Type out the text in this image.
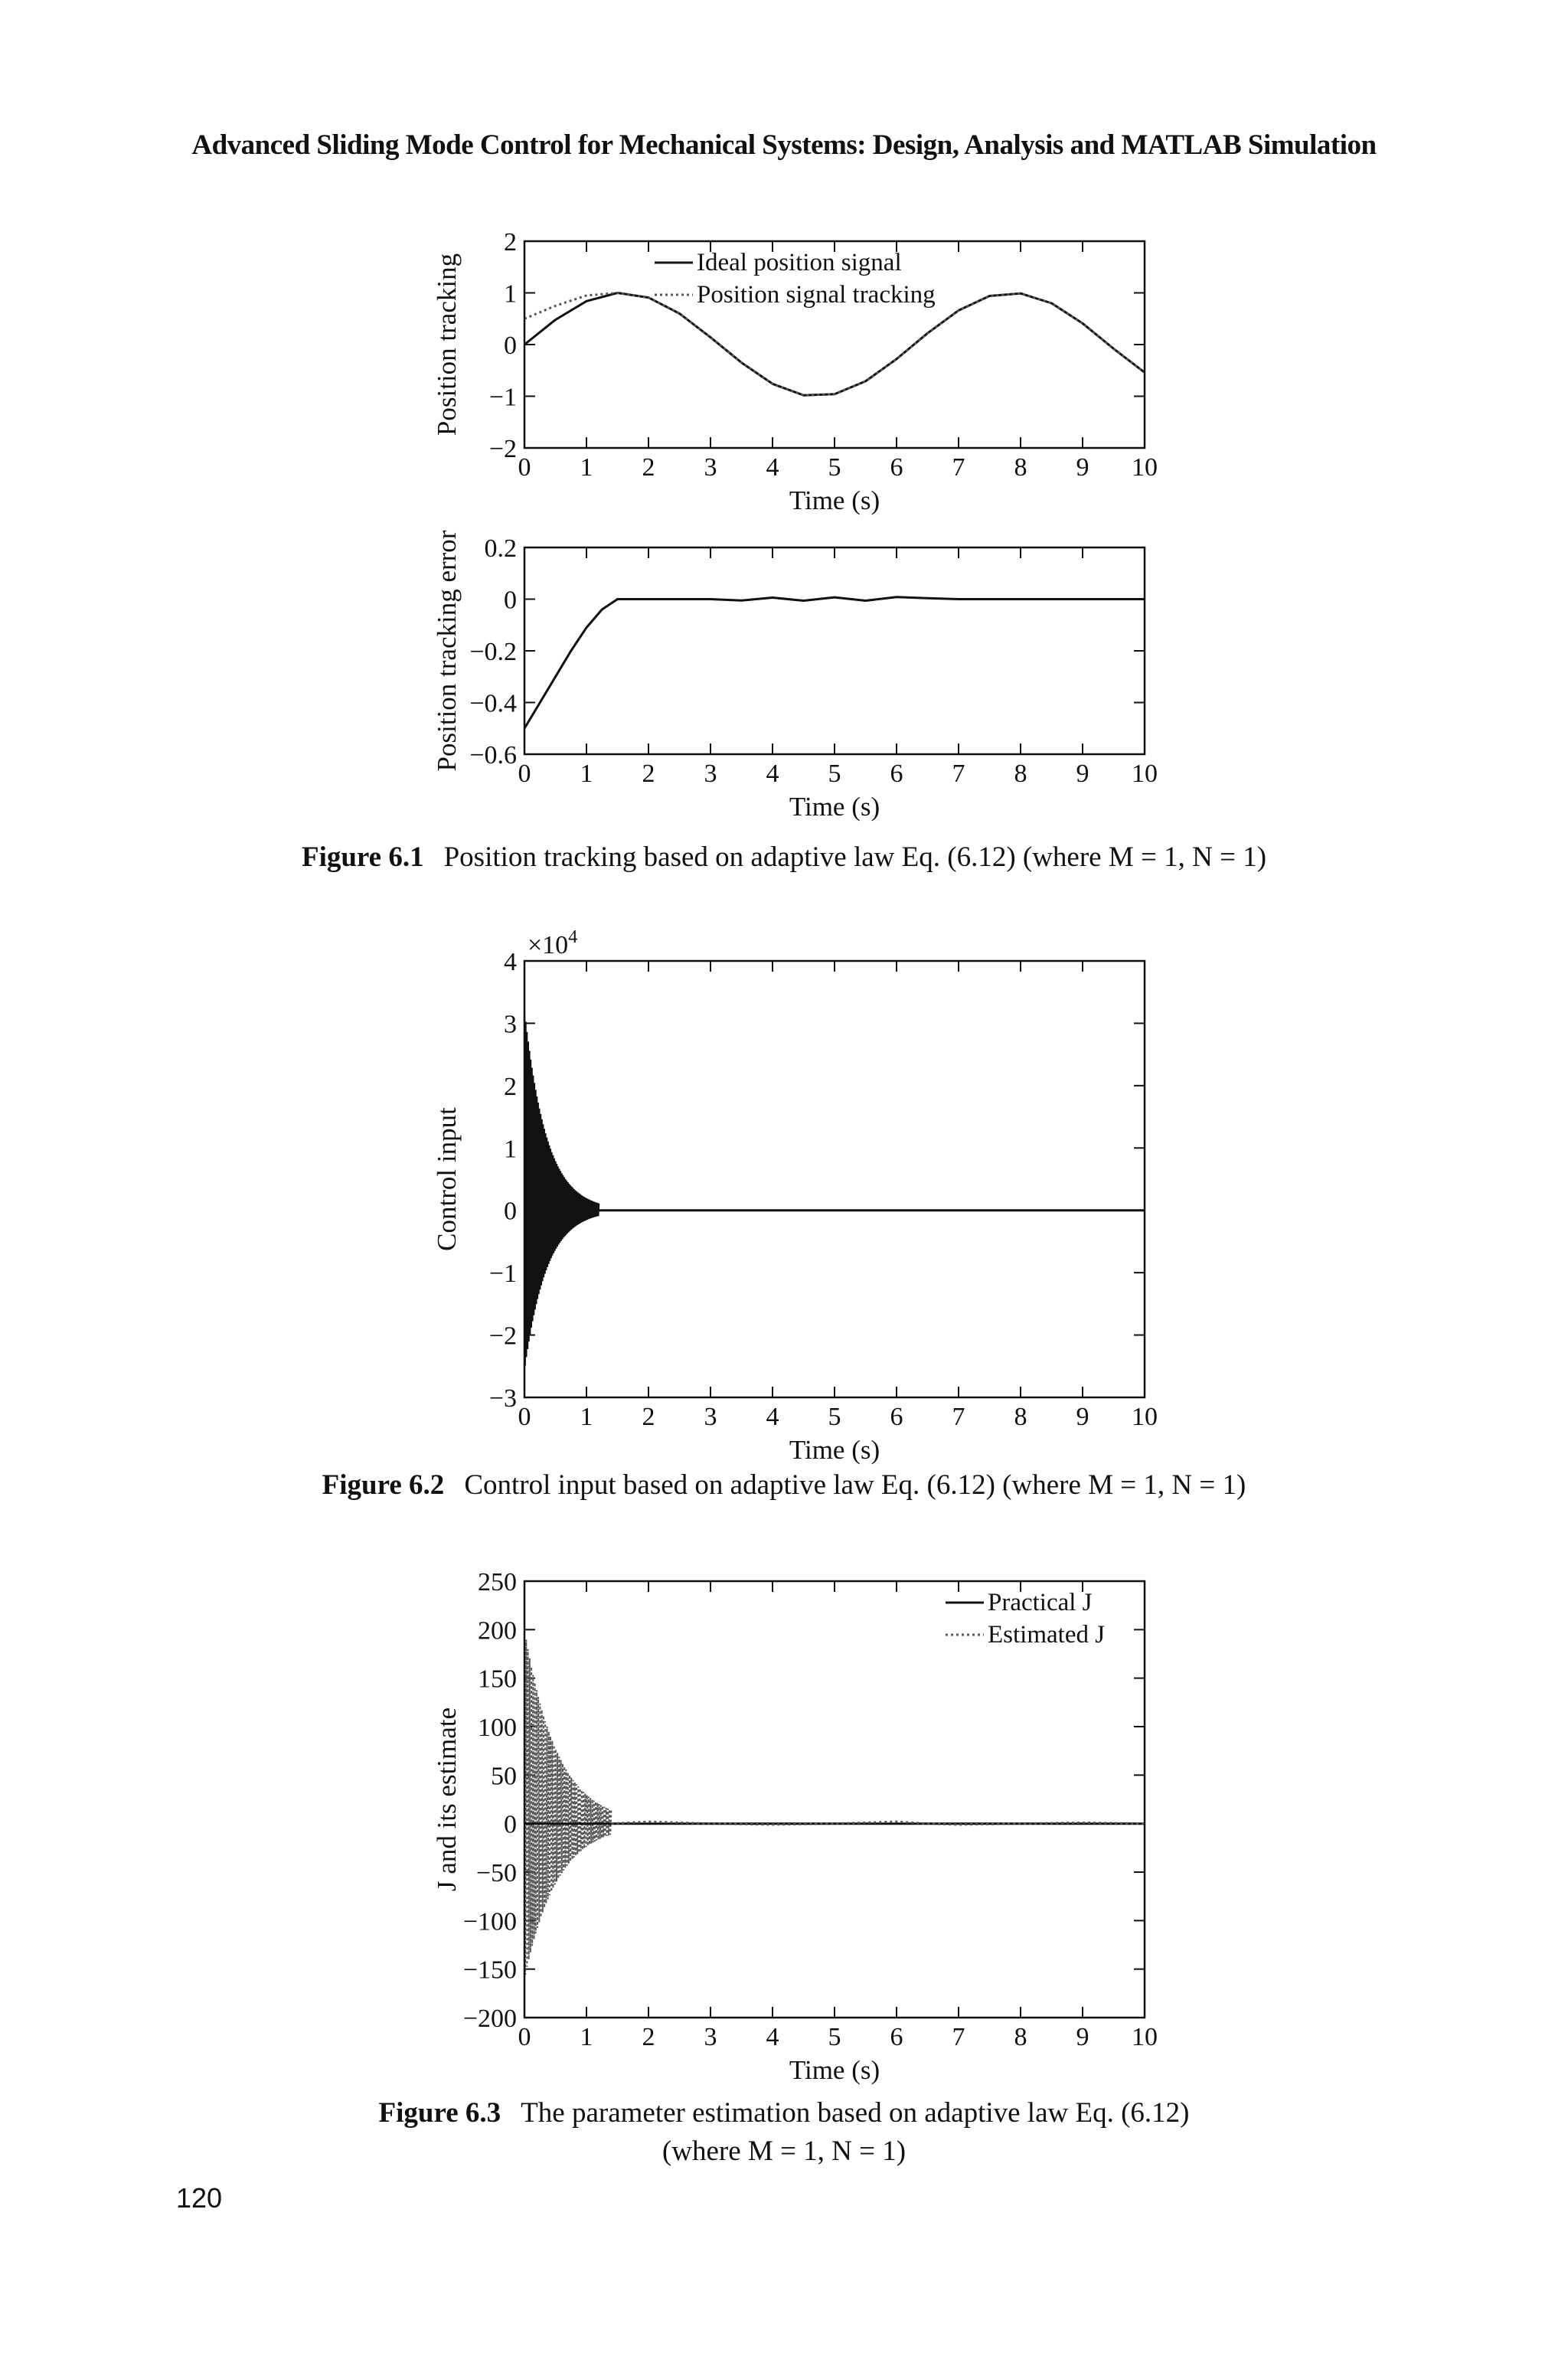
Advanced Sliding Mode Control for Mechanical Systems: Design, Analysis and MATLAB Simulation
0 1 2 3 4 5 6 7 8 9 10
−2
−1
0
1
2
Ideal position signal
Position signal tracking
Time (s)
Position tracking
0 1 2 3 4 5 6 7 8 9 10
−0.6
−0.4
−0.2
0
0.2
Time (s)
Position tracking error
Figure 6.1 Position tracking based on adaptive law Eq. (6.12) (where M = 1, N = 1)
0 1 2 3 4 5 6 7 8 9 10
−3
−2
−1
0
1
2
3
4
$\times 10^4$
Time (s)
Control input
Figure 6.2 Control input based on adaptive law Eq. (6.12) (where M = 1, N = 1)
0 1 2 3 4 5 6 7 8 9 10
−200
−150
−100
−50
0
50
100
150
200
250
Practical J
Estimated J
Time (s)
J and its estimate
Figure 6.3 The parameter estimation based on adaptive law Eq. (6.12)
(where M = 1, N = 1)
120
